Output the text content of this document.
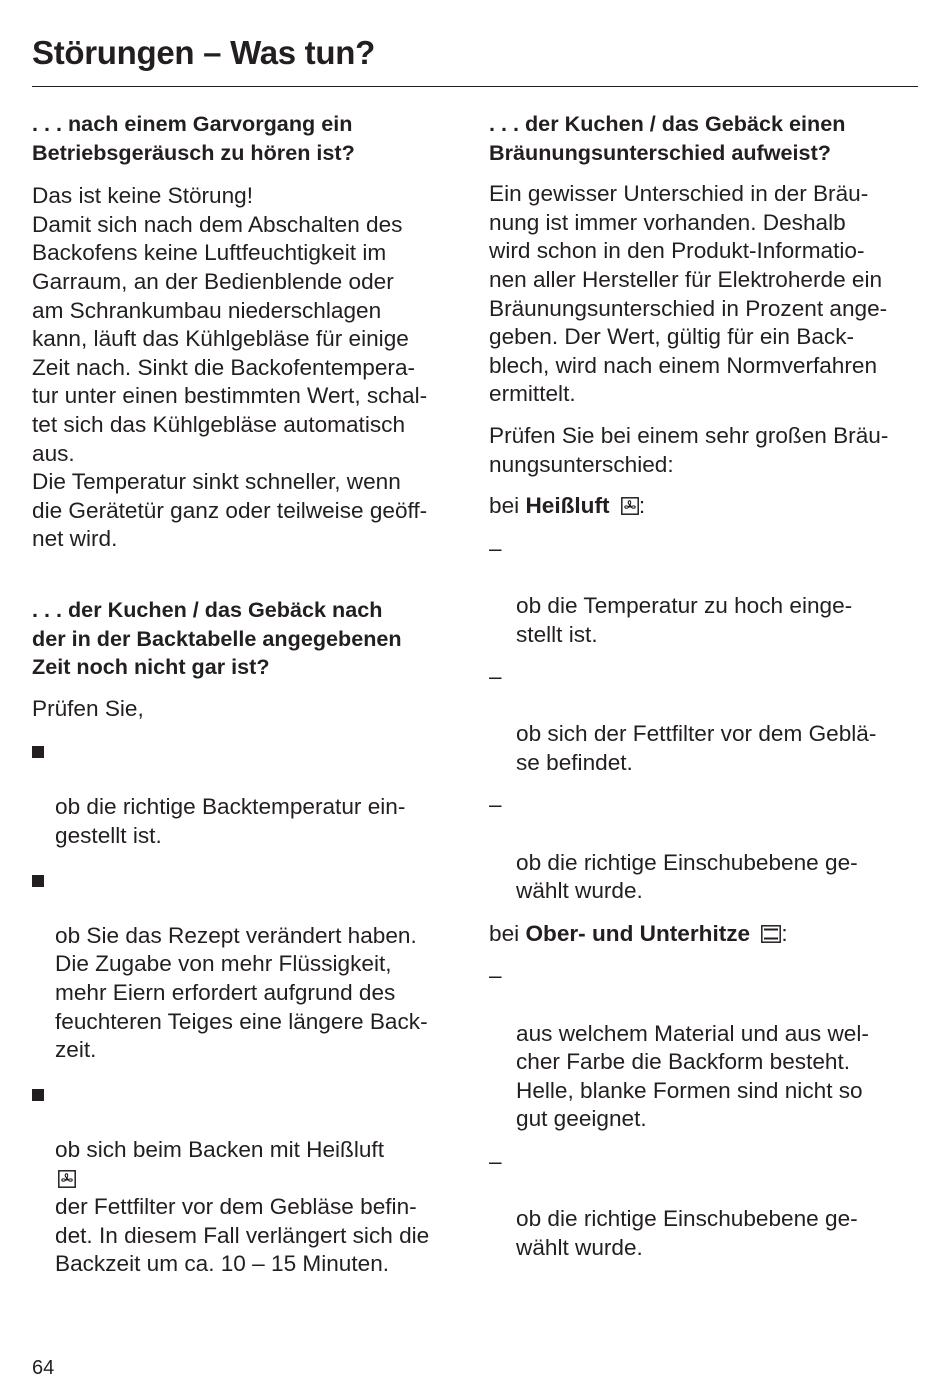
Störungen – Was tun?
. . . nach einem Garvorgang ein
Betriebsgeräusch zu hören ist?

Das ist keine Störung!
Damit sich nach dem Abschalten des
Backofens keine Luftfeuchtigkeit im
Garraum, an der Bedienblende oder
am Schrankumbau niederschlagen
kann, läuft das Kühlgebläse für einige
Zeit nach. Sinkt die Backofentempera-
tur unter einen bestimmten Wert, schal-
tet sich das Kühlgebläse automatisch
aus.
Die Temperatur sinkt schneller, wenn
die Gerätetür ganz oder teilweise geöff-
net wird.

. . . der Kuchen / das Gebäck nach
der in der Backtabelle angegebenen
Zeit noch nicht gar ist?

Prüfen Sie,

ob die richtige Backtemperatur ein-
gestellt ist.

ob Sie das Rezept verändert haben.
Die Zugabe von mehr Flüssigkeit,
mehr Eiern erfordert aufgrund des
feuchteren Teiges eine längere Back-
zeit.

ob sich beim Backen mit Heißluft

der Fettfilter vor dem Gebläse befin-
det. In diesem Fall verlängert sich die
Backzeit um ca. 10 – 15 Minuten.

. . . der Kuchen / das Gebäck einen
Bräunungsunterschied aufweist?

Ein gewisser Unterschied in der Bräu-
nung ist immer vorhanden. Deshalb
wird schon in den Produkt-Informatio-
nen aller Hersteller für Elektroherde ein
Bräunungsunterschied in Prozent ange-
geben. Der Wert, gültig für ein Back-
blech, wird nach einem Normverfahren
ermittelt.

Prüfen Sie bei einem sehr großen Bräu-
nungsunterschied:

bei Heißluft :

–

ob die Temperatur zu hoch einge-
stellt ist.

–

ob sich der Fettfilter vor dem Geblä-
se befindet.

–

ob die richtige Einschubebene ge-
wählt wurde.

bei Ober- und Unterhitze :

–

aus welchem Material und aus wel-
cher Farbe die Backform besteht.
Helle, blanke Formen sind nicht so
gut geeignet.

–

ob die richtige Einschubebene ge-
wählt wurde.

64
